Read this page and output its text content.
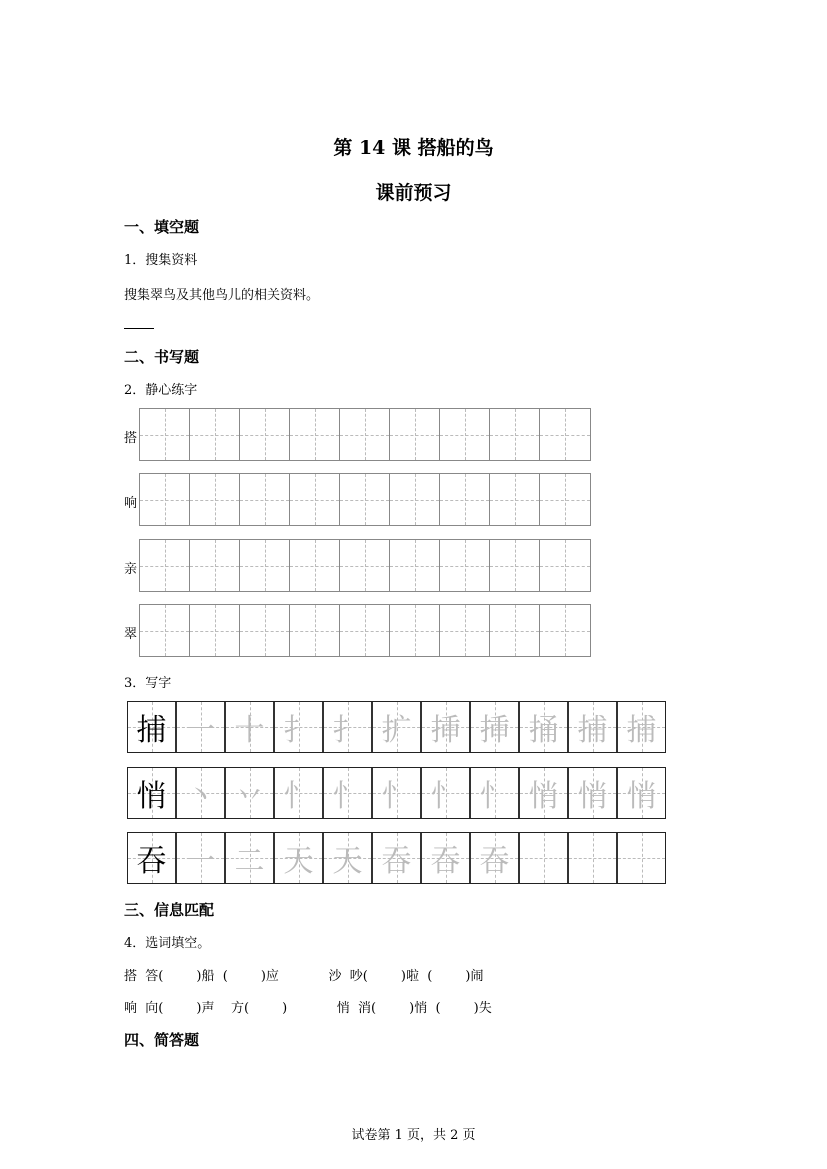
第 14 课 搭船的鸟
课前预习
一、填空题
1．搜集资料
搜集翠鸟及其他鸟儿的相关资料。
二、书写题
2．静心练字
搭
响
亲
翠
3．写字
捕 一 十 扌 扌 扩 挿 挿 捅 捕 捕
悄 丶 丷 忄 忄 忄 忄 忄 悄 悄 悄
吞 一 二 天 天 吞 吞 吞
三、信息匹配
4．选词填空。
搭  答(        )船  (        )应            沙  吵(        )啦  (        )闹
响  向(        )声    方(        )            悄  消(        )悄  (        )失
四、简答题
试卷第 1 页，共 2 页
